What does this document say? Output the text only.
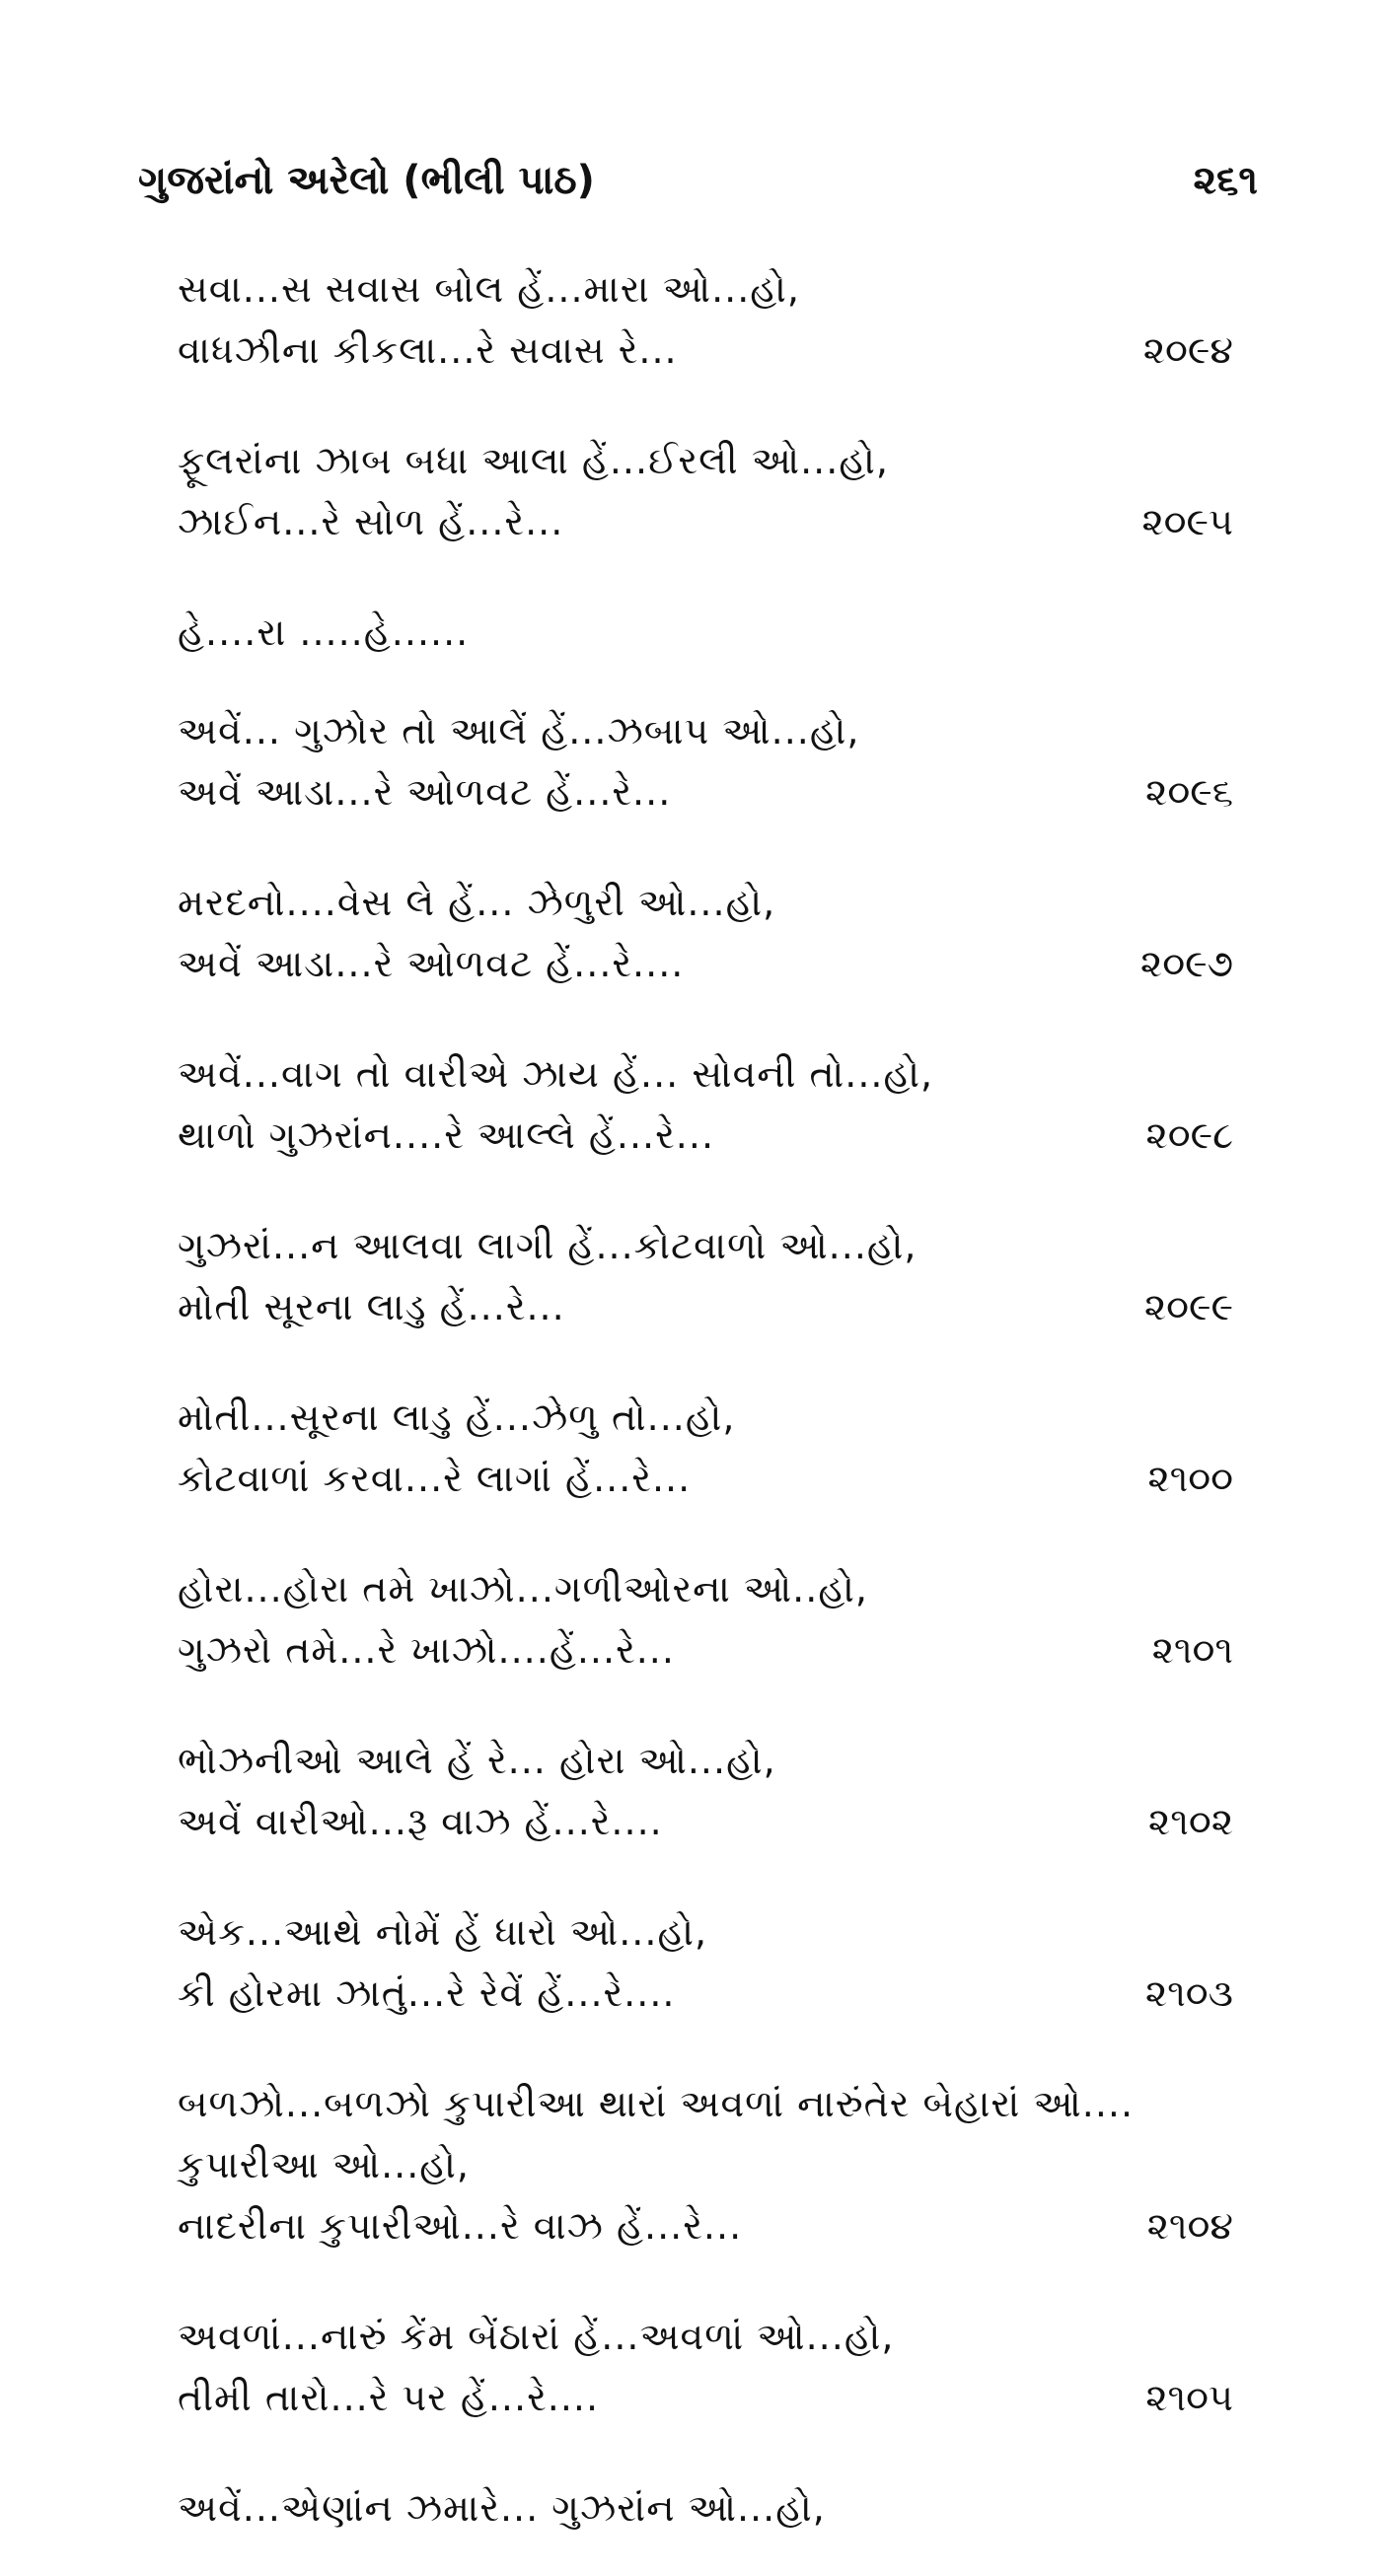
ગુજરાંનો અરેલો (ભીલી પાઠ)	૨૬૧
સવા...સ સવાસ બોલ હેં...મારા ઓ...હો,
વાધઝીના કીકલા...રે સવાસ રે...	૨૦૯૪
ફૂલરાંના ઝાબ બધા આલા હેં...ઈરલી ઓ...હો,
ઝાઈન...રે સોળ હેં...રે...	૨૦૯૫
હે....રા .....હે......
અવેં... ગુઝોર તો આલેં હેં...ઝબાપ ઓ...હો,
અવેં આડા...રે ઓળવટ હેં...રે...	૨૦૯૬
મરદનો....વેસ લે હેં... ઝેળુરી ઓ...હો,
અવેં આડા...રે ઓળવટ હેં...રે....	૨૦૯૭
અવેં...વાગ તો વારીએ ઝાય હેં... સોવની તો...હો,
થાળો ગુઝરાંન....રે આલ્લે હેં...રે...	૨૦૯૮
ગુઝરાં...ન આલવા લાગી હેં...કોટવાળો ઓ...હો,
મોતી સૂરના લાડુ હેં...રે...	૨૦૯૯
મોતી...સૂરના લાડુ હેં...ઝેળુ તો...હો,
કોટવાળાં કરવા...રે લાગાં હેં...રે...	૨૧૦૦
હોરા...હોરા તમે ખાઝો...ગળીઓરના ઓ..હો,
ગુઝરો તમે...રે ખાઝો....હેં...રે...	૨૧૦૧
ભોઝનીઓ આલે હેં રે... હોરા ઓ...હો,
અવેં વારીઓ...રૂ વાઝ હેં...રે....	૨૧૦૨
એક...આથે નોમેં હેં ધારો ઓ...હો,
કી હોરમા ઝાતું...રે રેવેં હેં...રે....	૨૧૦૩
બળઝો...બળઝો કુપારીઆ થારાં અવળાં નારુંતેર બેહારાં ઓ....
કુપારીઆ ઓ...હો,
નાદરીના કુપારીઓ...રે વાઝ હેં...રે...	૨૧૦૪
અવળાં...નારું કેંમ બેંઠારાં હેં...અવળાં ઓ...હો,
તીમી તારો...રે પર હેં...રે....	૨૧૦૫
અવેં...એણાંન ઝમારે... ગુઝરાંન ઓ...હો,
